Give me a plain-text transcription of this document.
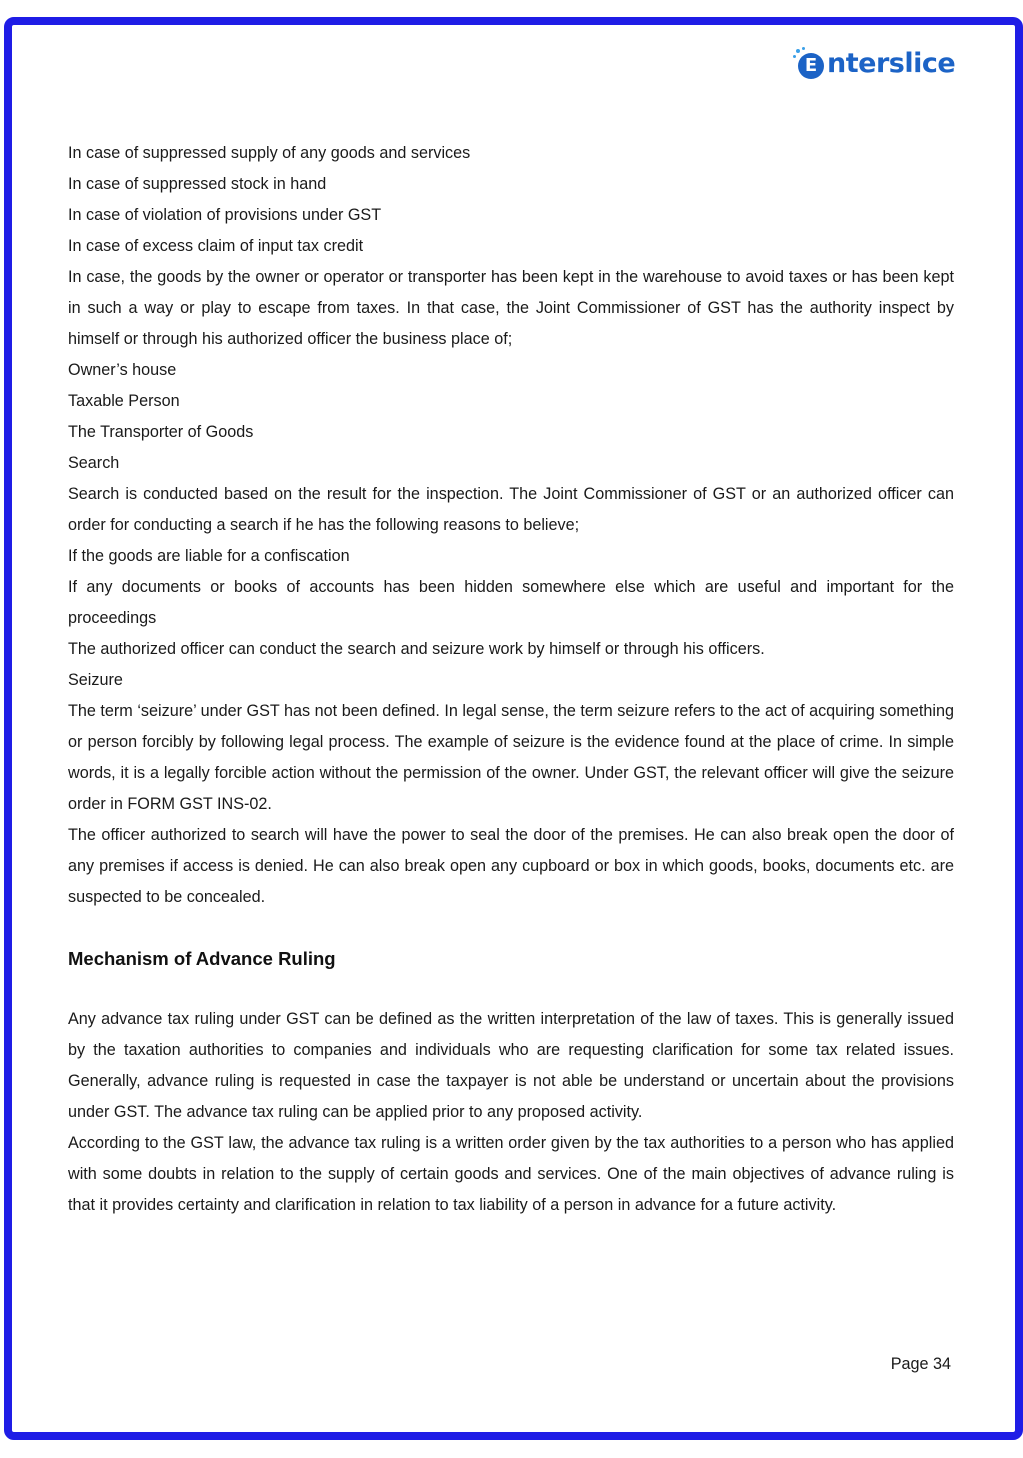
E nterslice

In case of suppressed supply of any goods and services

In case of suppressed stock in hand

In case of violation of provisions under GST

In case of excess claim of input tax credit

In case, the goods by the owner or operator or transporter has been kept in the warehouse to avoid taxes or has been kept in such a way or play to escape from taxes. In that case, the Joint Commissioner of GST has the authority inspect by himself or through his authorized officer the business place of;

Owner’s house

Taxable Person

The Transporter of Goods

Search

Search is conducted based on the result for the inspection. The Joint Commissioner of GST or an authorized officer can order for conducting a search if he has the following reasons to believe;

If the goods are liable for a confiscation

If any documents or books of accounts has been hidden somewhere else which are useful and important for the proceedings

The authorized officer can conduct the search and seizure work by himself or through his officers.

Seizure

The term ‘seizure’ under GST has not been defined. In legal sense, the term seizure refers to the act of acquiring something or person forcibly by following legal process. The example of seizure is the evidence found at the place of crime. In simple words, it is a legally forcible action without the permission of the owner. Under GST, the relevant officer will give the seizure order in FORM GST INS-02.

The officer authorized to search will have the power to seal the door of the premises. He can also break open the door of any premises if access is denied. He can also break open any cupboard or box in which goods, books, documents etc. are suspected to be concealed.

Mechanism of Advance Ruling

Any advance tax ruling under GST can be defined as the written interpretation of the law of taxes. This is generally issued by the taxation authorities to companies and individuals who are requesting clarification for some tax related issues. Generally, advance ruling is requested in case the taxpayer is not able be understand or uncertain about the provisions under GST. The advance tax ruling can be applied prior to any proposed activity.

According to the GST law, the advance tax ruling is a written order given by the tax authorities to a person who has applied with some doubts in relation to the supply of certain goods and services. One of the main objectives of advance ruling is that it provides certainty and clarification in relation to tax liability of a person in advance for a future activity.

Page 34
